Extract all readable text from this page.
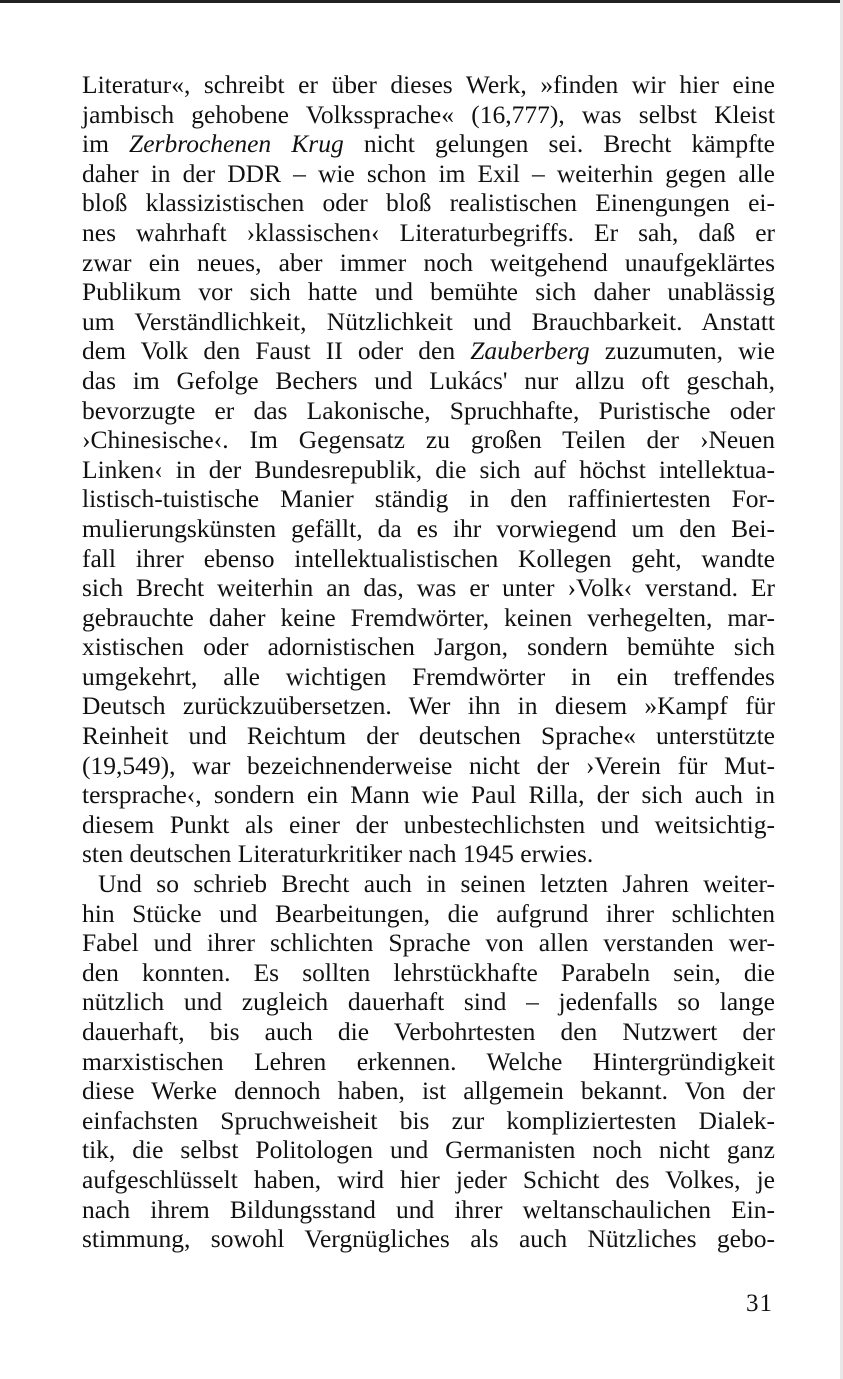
Literatur«, schreibt er über dieses Werk, »finden wir hier eine
jambisch gehobene Volkssprache« (16,777), was selbst Kleist
im Zerbrochenen Krug nicht gelungen sei. Brecht kämpfte
daher in der DDR – wie schon im Exil – weiterhin gegen alle
bloß klassizistischen oder bloß realistischen Einengungen ei-
nes wahrhaft ›klassischen‹ Literaturbegriffs. Er sah, daß er
zwar ein neues, aber immer noch weitgehend unaufgeklärtes
Publikum vor sich hatte und bemühte sich daher unablässig
um Verständlichkeit, Nützlichkeit und Brauchbarkeit. Anstatt
dem Volk den Faust II oder den Zauberberg zuzumuten, wie
das im Gefolge Bechers und Lukács' nur allzu oft geschah,
bevorzugte er das Lakonische, Spruchhafte, Puristische oder
›Chinesische‹. Im Gegensatz zu großen Teilen der ›Neuen
Linken‹ in der Bundesrepublik, die sich auf höchst intellektua-
listisch-tuistische Manier ständig in den raffiniertesten For-
mulierungskünsten gefällt, da es ihr vorwiegend um den Bei-
fall ihrer ebenso intellektualistischen Kollegen geht, wandte
sich Brecht weiterhin an das, was er unter ›Volk‹ verstand. Er
gebrauchte daher keine Fremdwörter, keinen verhegelten, mar-
xistischen oder adornistischen Jargon, sondern bemühte sich
umgekehrt, alle wichtigen Fremdwörter in ein treffendes
Deutsch zurückzuübersetzen. Wer ihn in diesem »Kampf für
Reinheit und Reichtum der deutschen Sprache« unterstützte
(19,549), war bezeichnenderweise nicht der ›Verein für Mut-
tersprache‹, sondern ein Mann wie Paul Rilla, der sich auch in
diesem Punkt als einer der unbestechlichsten und weitsichtig-
sten deutschen Literaturkritiker nach 1945 erwies.
Und so schrieb Brecht auch in seinen letzten Jahren weiter-
hin Stücke und Bearbeitungen, die aufgrund ihrer schlichten
Fabel und ihrer schlichten Sprache von allen verstanden wer-
den konnten. Es sollten lehrstückhafte Parabeln sein, die
nützlich und zugleich dauerhaft sind – jedenfalls so lange
dauerhaft, bis auch die Verbohrtesten den Nutzwert der
marxistischen Lehren erkennen. Welche Hintergründigkeit
diese Werke dennoch haben, ist allgemein bekannt. Von der
einfachsten Spruchweisheit bis zur kompliziertesten Dialek-
tik, die selbst Politologen und Germanisten noch nicht ganz
aufgeschlüsselt haben, wird hier jeder Schicht des Volkes, je
nach ihrem Bildungsstand und ihrer weltanschaulichen Ein-
stimmung, sowohl Vergnügliches als auch Nützliches gebo-
31
